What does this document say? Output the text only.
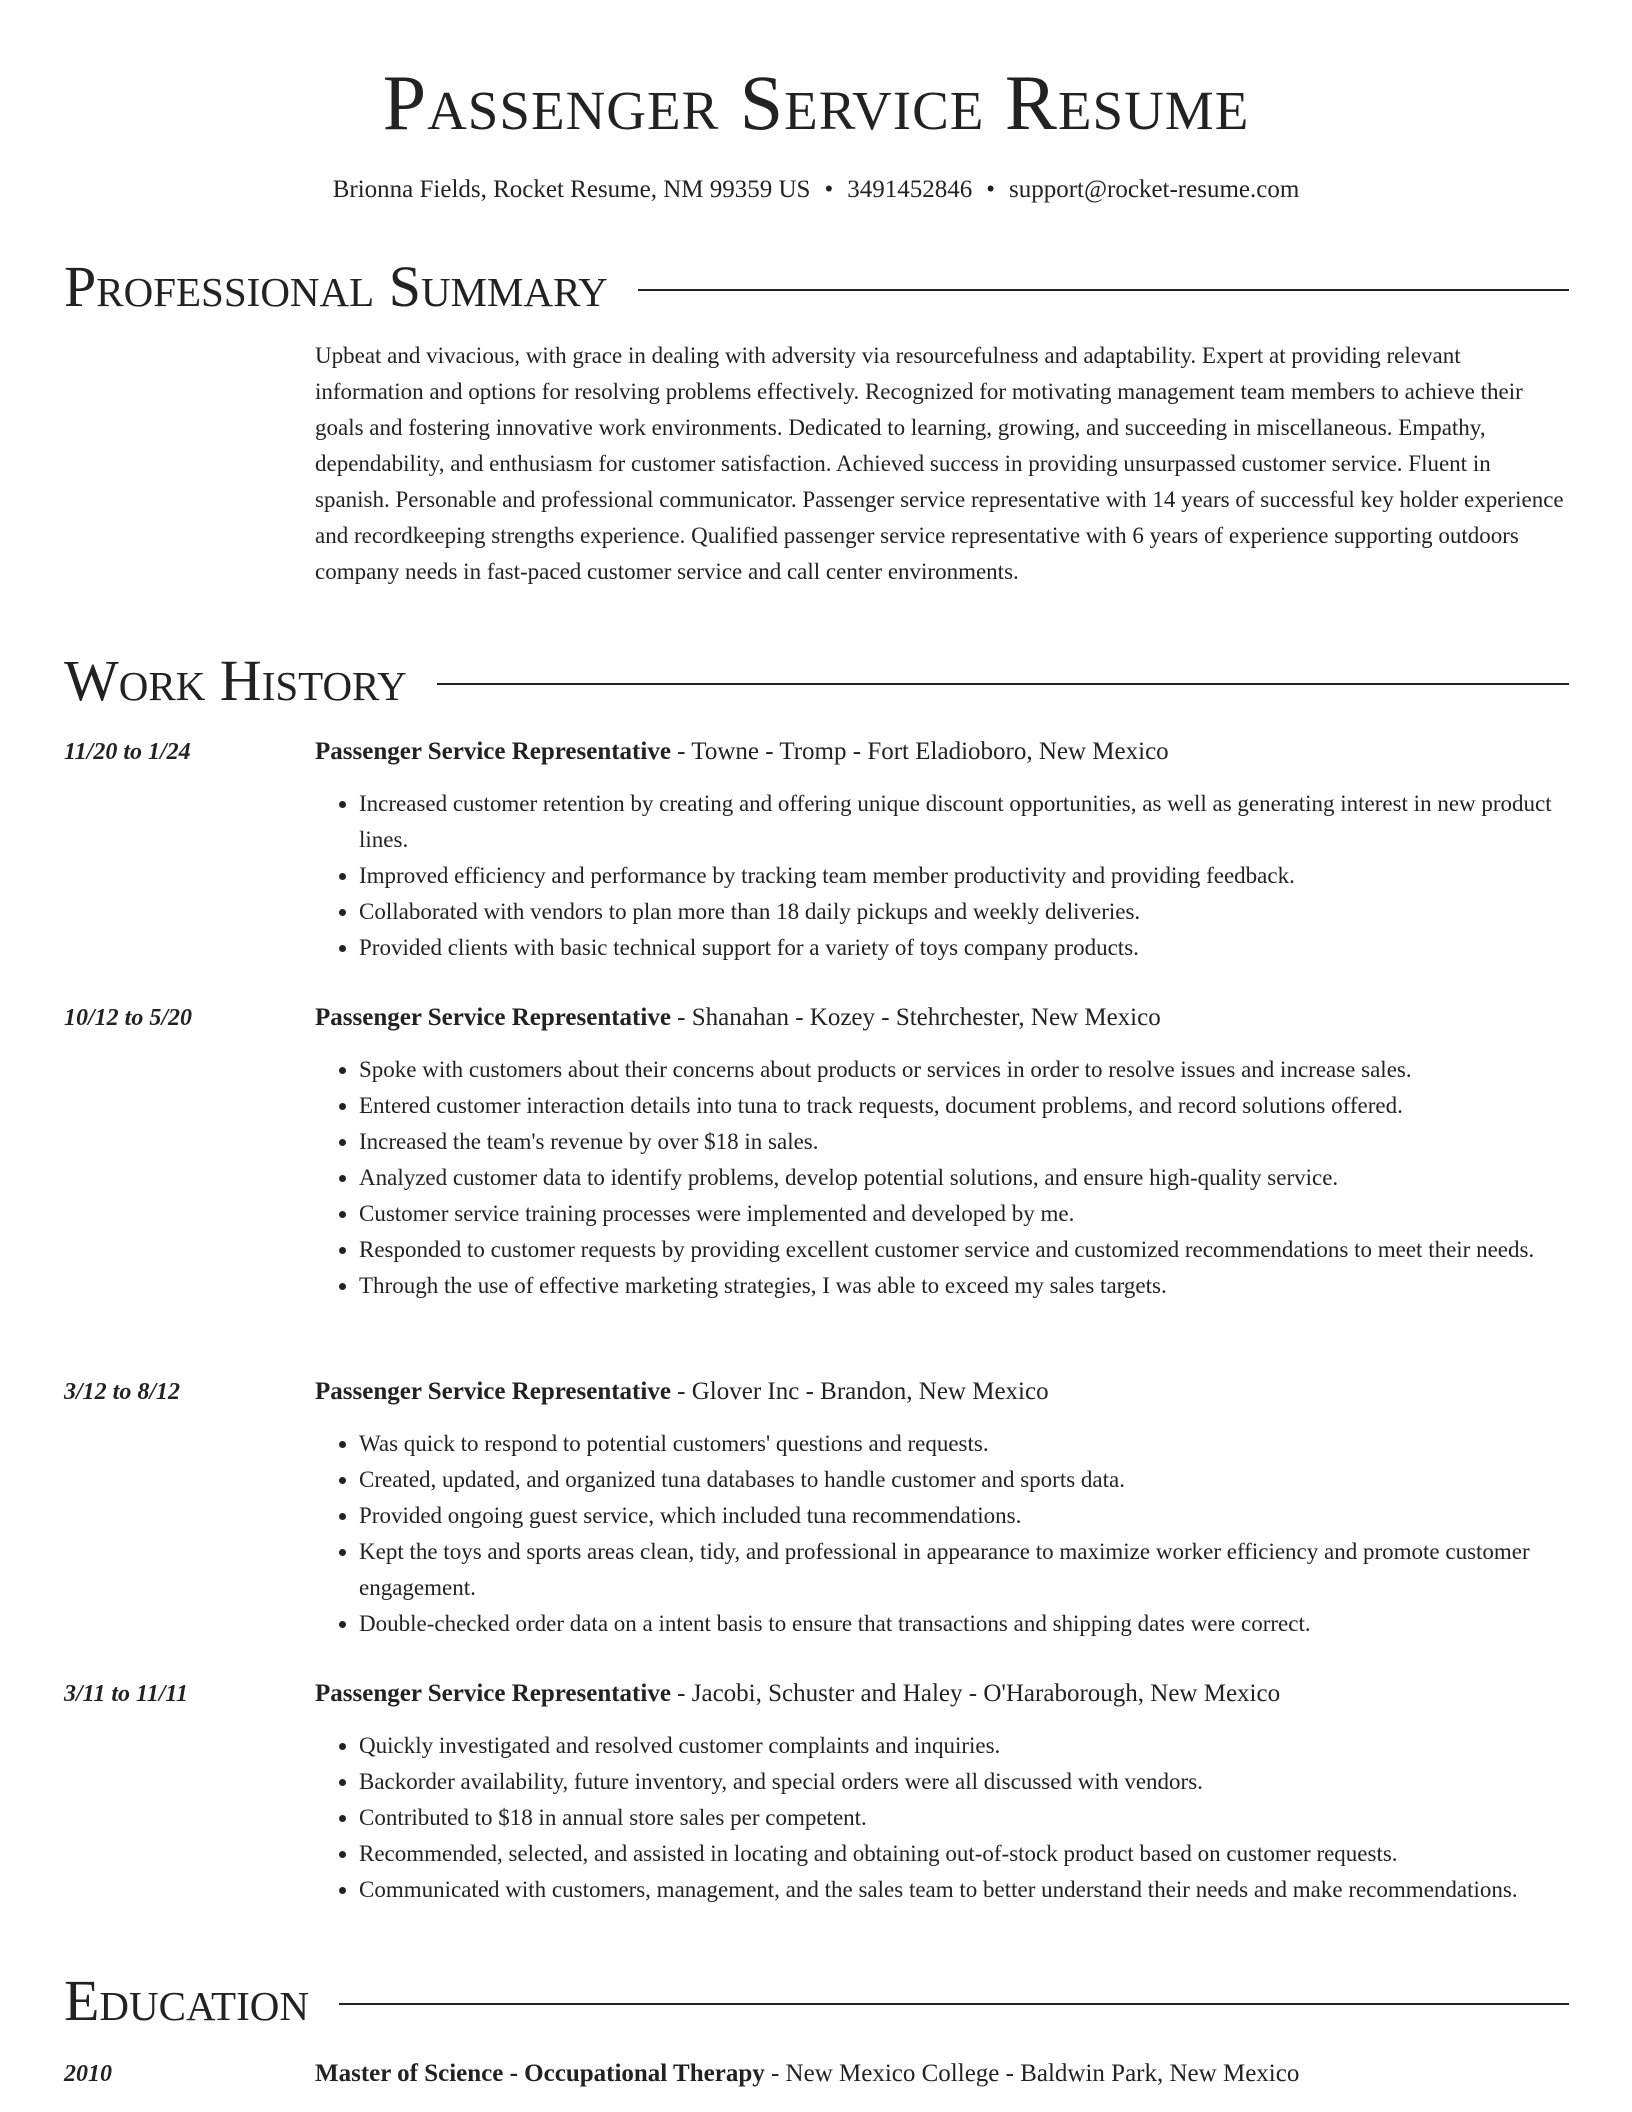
Passenger Service Resume
Brionna Fields, Rocket Resume, NM 99359 US • 3491452846 • support@rocket-resume.com
Professional Summary

Upbeat and vivacious, with grace in dealing with adversity via resourcefulness and adaptability. Expert at providing relevant information and options for resolving problems effectively. Recognized for motivating management team members to achieve their goals and fostering innovative work environments. Dedicated to learning, growing, and succeeding in miscellaneous. Empathy, dependability, and enthusiasm for customer satisfaction. Achieved success in providing unsurpassed customer service. Fluent in spanish. Personable and professional communicator. Passenger service representative with 14 years of successful key holder experience and recordkeeping strengths experience. Qualified passenger service representative with 6 years of experience supporting outdoors company needs in fast-paced customer service and call center environments.

Work History
11/20 to 1/24	Passenger Service Representative - Towne - Tromp - Fort Eladioboro, New Mexico
• Increased customer retention by creating and offering unique discount opportunities, as well as generating interest in new product lines.
• Improved efficiency and performance by tracking team member productivity and providing feedback.
• Collaborated with vendors to plan more than 18 daily pickups and weekly deliveries.
• Provided clients with basic technical support for a variety of toys company products.
10/12 to 5/20	Passenger Service Representative - Shanahan - Kozey - Stehrchester, New Mexico
• Spoke with customers about their concerns about products or services in order to resolve issues and increase sales.
• Entered customer interaction details into tuna to track requests, document problems, and record solutions offered.
• Increased the team's revenue by over $18 in sales.
• Analyzed customer data to identify problems, develop potential solutions, and ensure high-quality service.
• Customer service training processes were implemented and developed by me.
• Responded to customer requests by providing excellent customer service and customized recommendations to meet their needs.
• Through the use of effective marketing strategies, I was able to exceed my sales targets.
3/12 to 8/12	Passenger Service Representative - Glover Inc - Brandon, New Mexico
• Was quick to respond to potential customers' questions and requests.
• Created, updated, and organized tuna databases to handle customer and sports data.
• Provided ongoing guest service, which included tuna recommendations.
• Kept the toys and sports areas clean, tidy, and professional in appearance to maximize worker efficiency and promote customer engagement.
• Double-checked order data on a intent basis to ensure that transactions and shipping dates were correct.
3/11 to 11/11	Passenger Service Representative - Jacobi, Schuster and Haley - O'Haraborough, New Mexico
• Quickly investigated and resolved customer complaints and inquiries.
• Backorder availability, future inventory, and special orders were all discussed with vendors.
• Contributed to $18 in annual store sales per competent.
• Recommended, selected, and assisted in locating and obtaining out-of-stock product based on customer requests.
• Communicated with customers, management, and the sales team to better understand their needs and make recommendations.
Education
2010	Master of Science - Occupational Therapy - New Mexico College - Baldwin Park, New Mexico
